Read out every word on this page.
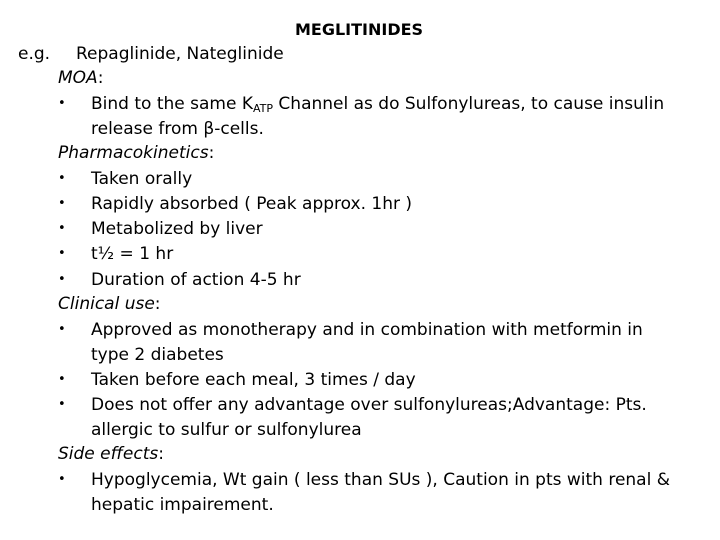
MEGLITINIDES
e.g. Repaglinide, Nateglinide
MOA:
• Bind to the same $K_{ATP}$ Channel as do Sulfonylureas, to cause insulin
release from β-cells.
Pharmacokinetics:
• Taken orally
• Rapidly absorbed ( Peak approx. 1hr )
• Metabolized by liver
• t½ = 1 hr
• Duration of action 4-5 hr
Clinical use:
• Approved as monotherapy and in combination with metformin in
type 2 diabetes
• Taken before each meal, 3 times / day
• Does not offer any advantage over sulfonylureas;Advantage: Pts.
allergic to sulfur or sulfonylurea
Side effects:
• Hypoglycemia, Wt gain ( less than SUs ), Caution in pts with renal &
hepatic impairement.
